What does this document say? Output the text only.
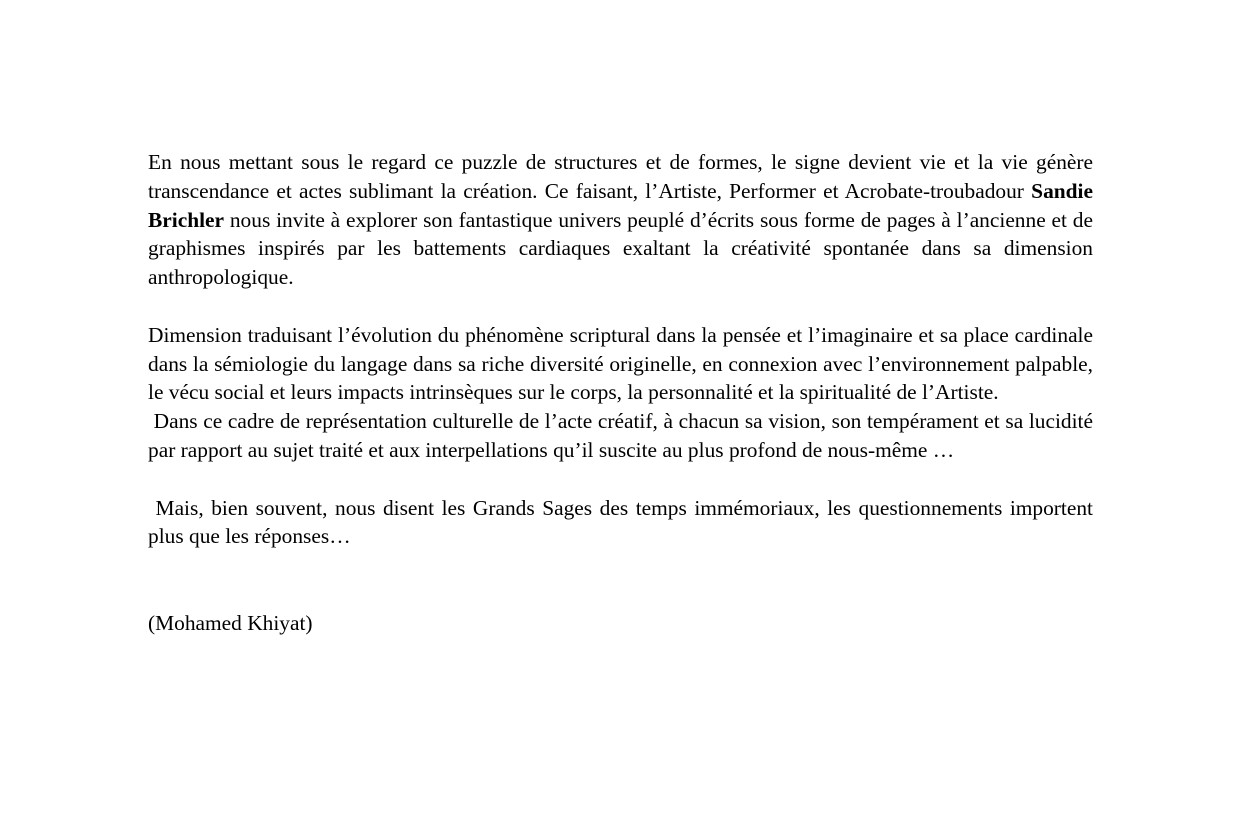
En nous mettant sous le regard ce puzzle de structures et de formes, le signe devient vie et la vie génère transcendance et actes sublimant la création. Ce faisant, l’Artiste, Performer et Acrobate-troubadour Sandie Brichler nous invite à explorer son fantastique univers peuplé d’écrits sous forme de pages à l’ancienne et de graphismes inspirés par les battements cardiaques exaltant la créativité spontanée dans sa dimension anthropologique.

Dimension traduisant l’évolution du phénomène scriptural dans la pensée et l’imaginaire et sa place cardinale dans la sémiologie du langage dans sa riche diversité originelle, en connexion avec l’environnement palpable, le vécu social et leurs impacts intrinsèques sur le corps, la personnalité et la spiritualité de l’Artiste.

Dans ce cadre de représentation culturelle de l’acte créatif, à chacun sa vision, son tempérament et sa lucidité par rapport au sujet traité et aux interpellations qu’il suscite au plus profond de nous-même …

Mais, bien souvent, nous disent les Grands Sages des temps immémoriaux, les questionnements importent plus que les réponses…

(Mohamed Khiyat)
